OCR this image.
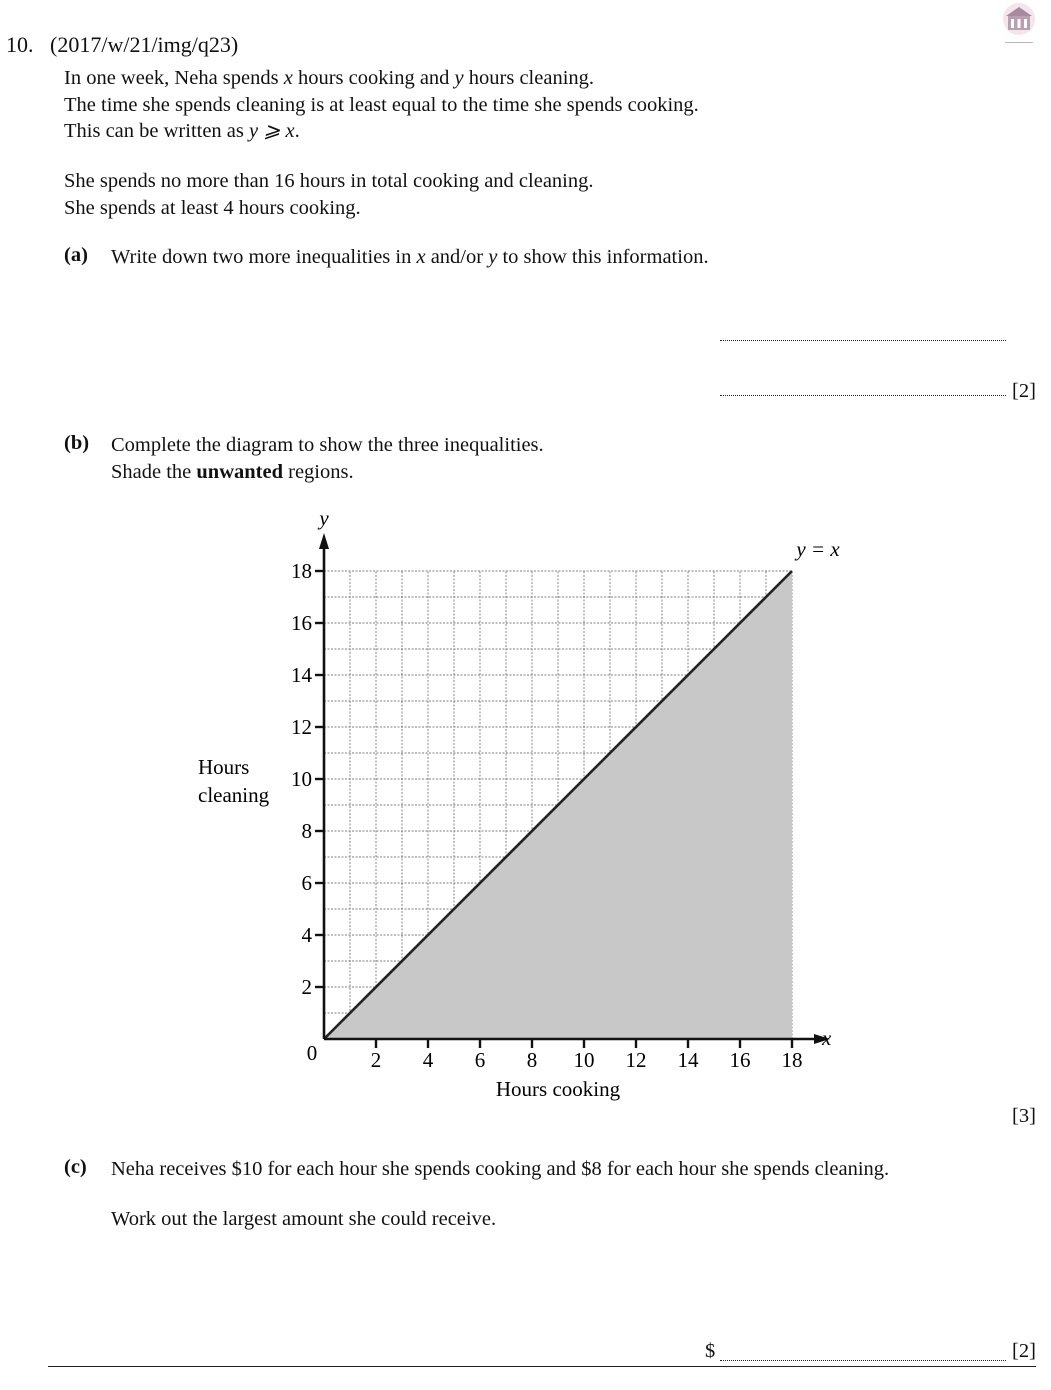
10. (2017/w/21/img/q23)
In one week, Neha spends x hours cooking and y hours cleaning.
The time she spends cleaning is at least equal to the time she spends cooking.
This can be written as y ⩾ x.
She spends no more than 16 hours in total cooking and cleaning.
She spends at least 4 hours cooking.
(a) Write down two more inequalities in x and/or y to show this information.
[2]
(b) Complete the diagram to show the three inequalities.
Shade the unwanted regions.
2 4 6 8 10 12 14 16 18
2
4
6
8
10
12
14
16
18
x
y
0
y = x
Hours cooking
Hours
cleaning
[3]
(c) Neha receives $10 for each hour she spends cooking and $8 for each hour she spends cleaning.
Work out the largest amount she could receive.
$	[2]
